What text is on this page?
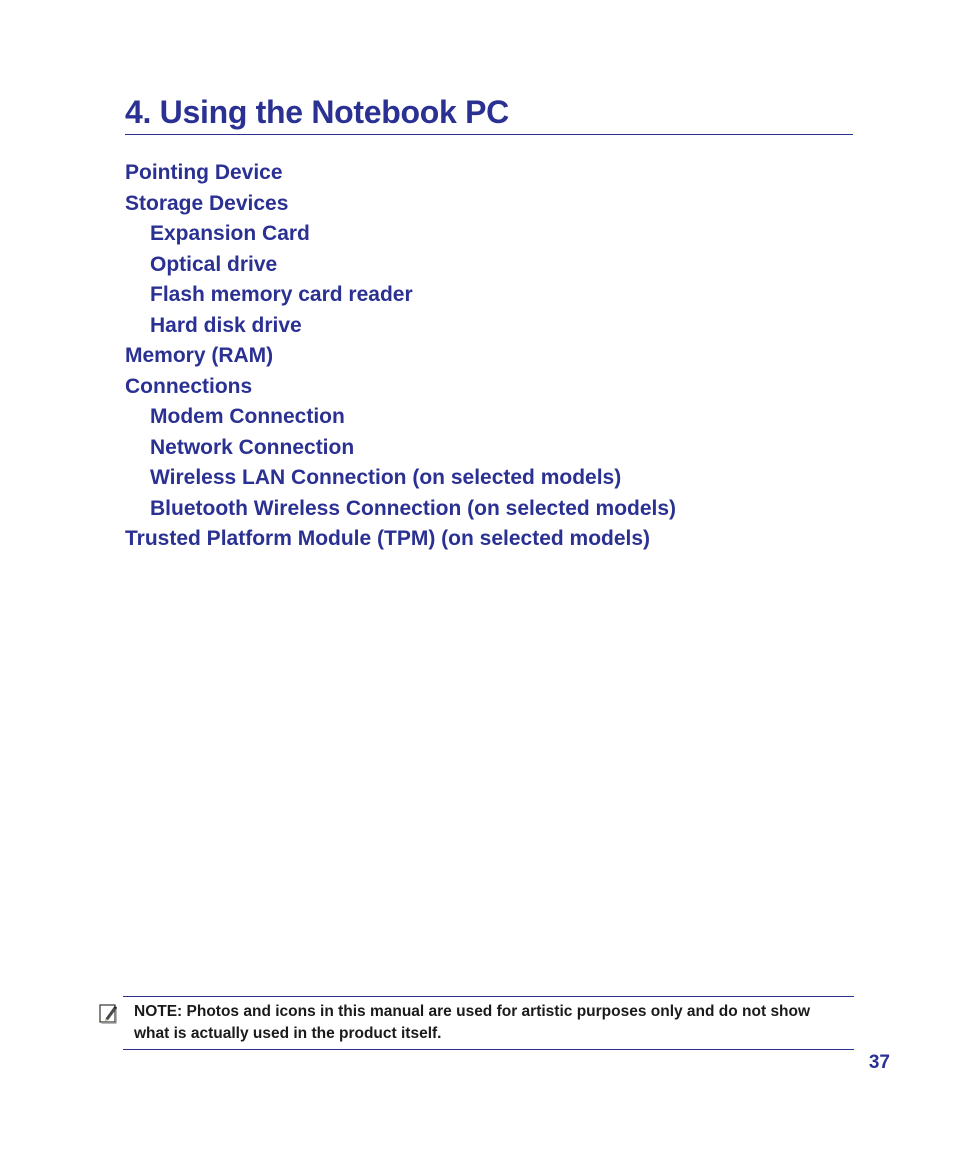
4. Using the Notebook PC
Pointing Device
Storage Devices
Expansion Card
Optical drive
Flash memory card reader
Hard disk drive
Memory (RAM)
Connections
Modem Connection
Network Connection
Wireless LAN Connection (on selected models)
Bluetooth Wireless Connection (on selected models)
Trusted Platform Module (TPM) (on selected models)
NOTE: Photos and icons in this manual are used for artistic purposes only and do not show what is actually used in the product itself.
37
